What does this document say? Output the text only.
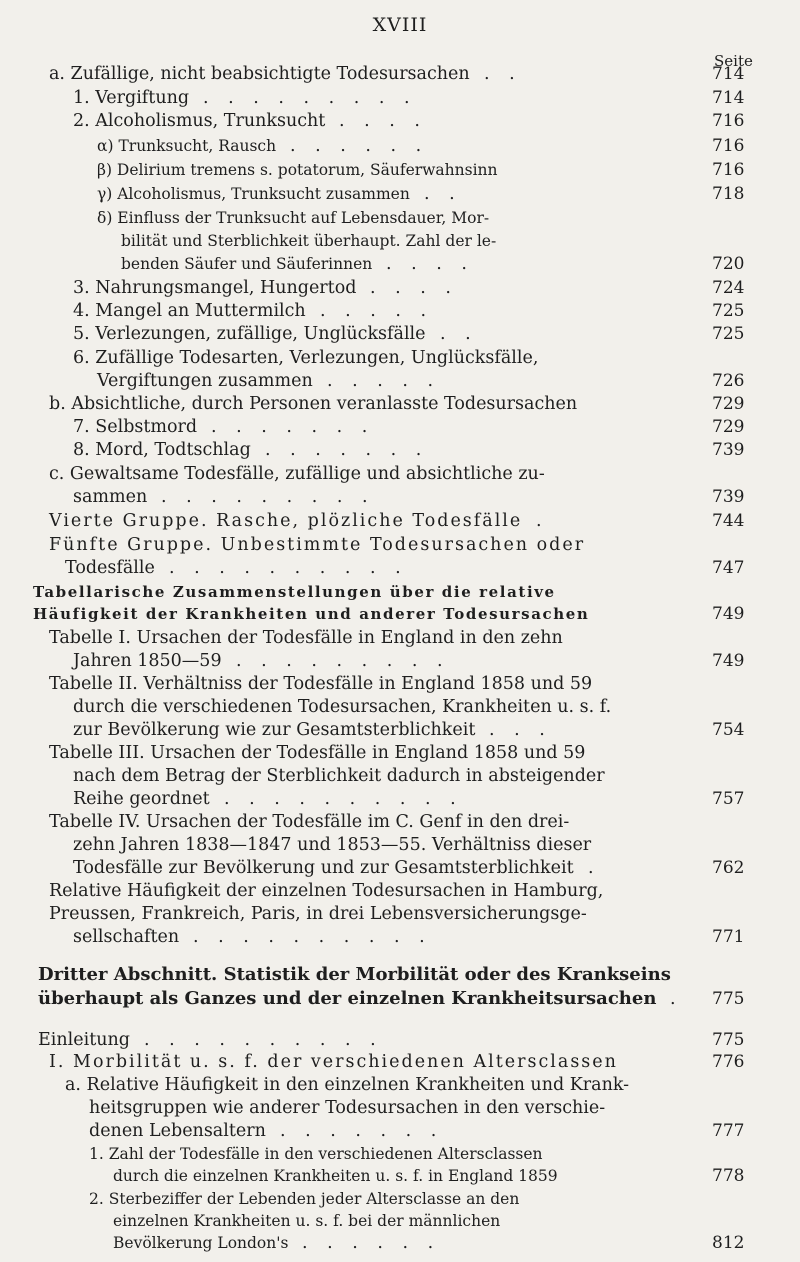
XVIII
Seite
a. Zufällige, nicht beabsichtigte Todesursachen . .	714
1. Vergiftung . . . . . . . . .	714
2. Alcoholismus, Trunksucht . . . .	716
α) Trunksucht, Rausch . . . . . .	716
β) Delirium tremens s. potatorum, Säuferwahnsinn	716
γ) Alcoholismus, Trunksucht zusammen . .	718
δ) Einfluss der Trunksucht auf Lebensdauer, Mor-
bilität und Sterblichkeit überhaupt. Zahl der le-
benden Säufer und Säuferinnen . . . .	720
3. Nahrungsmangel, Hungertod . . . .	724
4. Mangel an Muttermilch . . . . .	725
5. Verlezungen, zufällige, Unglücksfälle . .	725
6. Zufällige Todesarten, Verlezungen, Unglücksfälle,
Vergiftungen zusammen . . . . .	726
b. Absichtliche, durch Personen veranlasste Todesursachen	729
7. Selbstmord . . . . . . .	729
8. Mord, Todtschlag . . . . . . .	739
c. Gewaltsame Todesfälle, zufällige und absichtliche zu-
sammen . . . . . . . . .	739
Vierte Gruppe. Rasche, plözliche Todesfälle .	744
Fünfte Gruppe. Unbestimmte Todesursachen oder
Todesfälle . . . . . . . . . .	747
Tabellarische Zusammenstellungen über die relative
Häufigkeit der Krankheiten und anderer Todesursachen	749
Tabelle I. Ursachen der Todesfälle in England in den zehn
Jahren 1850—59 . . . . . . . . .	749
Tabelle II. Verhältniss der Todesfälle in England 1858 und 59
durch die verschiedenen Todesursachen, Krankheiten u. s. f.
zur Bevölkerung wie zur Gesamtsterblichkeit . . .	754
Tabelle III. Ursachen der Todesfälle in England 1858 und 59
nach dem Betrag der Sterblichkeit dadurch in absteigender
Reihe geordnet . . . . . . . . . .	757
Tabelle IV. Ursachen der Todesfälle im C. Genf in den drei-
zehn Jahren 1838—1847 und 1853—55. Verhältniss dieser
Todesfälle zur Bevölkerung und zur Gesamtsterblichkeit .	762
Relative Häufigkeit der einzelnen Todesursachen in Hamburg,
Preussen, Frankreich, Paris, in drei Lebensversicherungsge-
sellschaften . . . . . . . . . .	771
Dritter Abschnitt. Statistik der Morbilität oder des Krankseins
überhaupt als Ganzes und der einzelnen Krankheitsursachen . 775
Einleitung . . . . . . . . . .	775
I. Morbilität u. s. f. der verschiedenen Altersclassen	776
a. Relative Häufigkeit in den einzelnen Krankheiten und Krank-
heitsgruppen wie anderer Todesursachen in den verschie-
denen Lebensaltern . . . . . . .	777
1. Zahl der Todesfälle in den verschiedenen Altersclassen
durch die einzelnen Krankheiten u. s. f. in England 1859	778
2. Sterbeziffer der Lebenden jeder Altersclasse an den
einzelnen Krankheiten u. s. f. bei der männlichen
Bevölkerung London's . . . . . .	812
